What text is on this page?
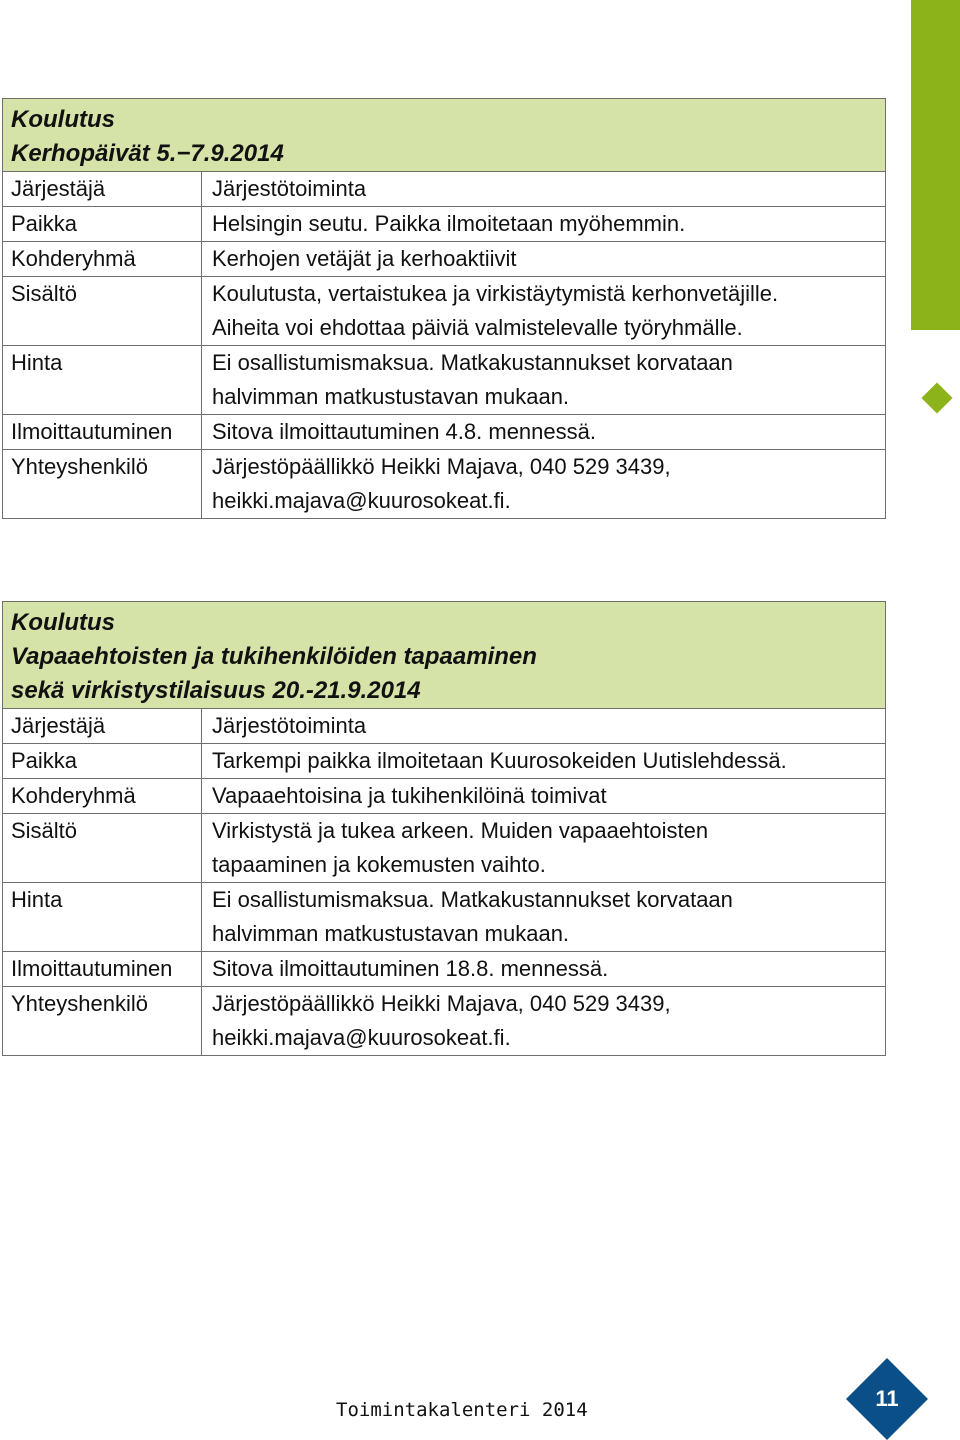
Koulutus
Kerhopäivät 5.−7.9.2014	

Järjestäjä	Järjestötoiminta

Paikka	Helsingin seutu. Paikka ilmoitetaan myöhemmin.

Kohderyhmä	Kerhojen vetäjät ja kerhoaktiivit

Sisältö	Koulutusta, vertaistukea ja virkistäytymistä kerhonvetäjille.
Aiheita voi ehdottaa päiviä valmistelevalle työryhmälle.

Hinta	Ei osallistumismaksua. Matkakustannukset korvataan
halvimman matkustustavan mukaan.

Ilmoittautuminen	Sitova ilmoittautuminen 4.8. mennessä.

Yhteyshenkilö	Järjestöpäällikkö Heikki Majava, 040 529 3439,
heikki.majava@kuurosokeat.fi.
Koulutus
Vapaaehtoisten ja tukihenkilöiden tapaaminen
sekä virkistystilaisuus 20.-21.9.2014	

Järjestäjä	Järjestötoiminta

Paikka	Tarkempi paikka ilmoitetaan Kuurosokeiden Uutislehdessä.

Kohderyhmä	Vapaaehtoisina ja tukihenkilöinä toimivat

Sisältö	Virkistystä ja tukea arkeen. Muiden vapaaehtoisten
tapaaminen ja kokemusten vaihto.

Hinta	Ei osallistumismaksua. Matkakustannukset korvataan
halvimman matkustustavan mukaan.

Ilmoittautuminen	Sitova ilmoittautuminen 18.8. mennessä.

Yhteyshenkilö	Järjestöpäällikkö Heikki Majava, 040 529 3439,
heikki.majava@kuurosokeat.fi.
Toimintakalenteri 2014	11
